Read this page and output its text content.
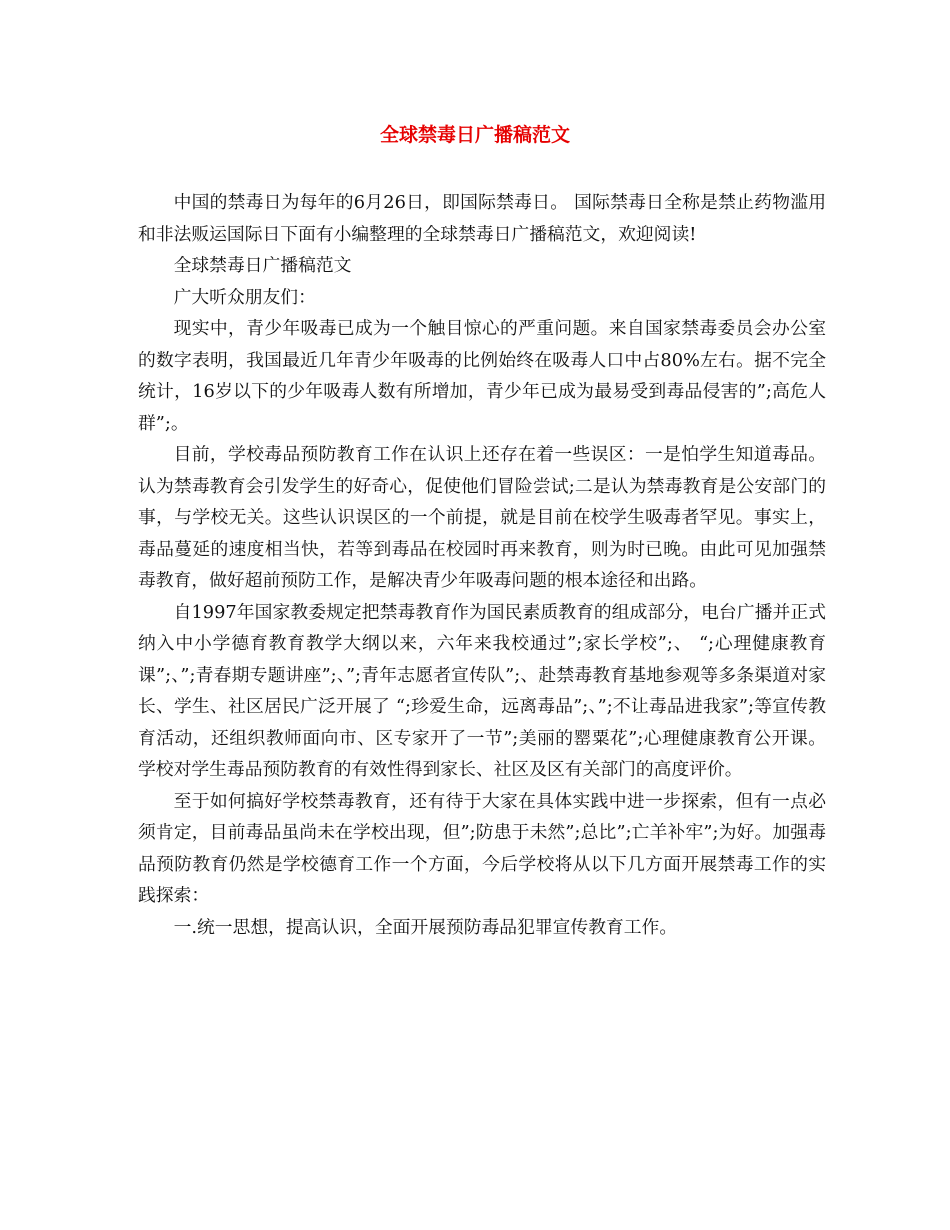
全球禁毒日广播稿范文

中国的禁毒日为每年的6月26日，即国际禁毒日。 国际禁毒日全称是禁止药物滥用和非法贩运国际日下面有小编整理的全球禁毒日广播稿范文，欢迎阅读!

全球禁毒日广播稿范文

广大听众朋友们：

现实中，青少年吸毒已成为一个触目惊心的严重问题。来自国家禁毒委员会办公室的数字表明，我国最近几年青少年吸毒的比例始终在吸毒人口中占80%左右。据不完全统计，16岁以下的少年吸毒人数有所增加，青少年已成为最易受到毒品侵害的”;高危人群”;。

目前，学校毒品预防教育工作在认识上还存在着一些误区：一是怕学生知道毒品。认为禁毒教育会引发学生的好奇心，促使他们冒险尝试;二是认为禁毒教育是公安部门的事，与学校无关。这些认识误区的一个前提，就是目前在校学生吸毒者罕见。事实上，毒品蔓延的速度相当快，若等到毒品在校园时再来教育，则为时已晚。由此可见加强禁毒教育，做好超前预防工作，是解决青少年吸毒问题的根本途径和出路。

自1997年国家教委规定把禁毒教育作为国民素质教育的组成部分，电台广播并正式纳入中小学德育教育教学大纲以来，六年来我校通过”;家长学校”;、 “;心理健康教育课”;、”;青春期专题讲座”;、”;青年志愿者宣传队”;、赴禁毒教育基地参观等多条渠道对家长、学生、社区居民广泛开展了 “;珍爱生命，远离毒品”;、”;不让毒品进我家”;等宣传教育活动，还组织教师面向市、区专家开了一节”;美丽的罂粟花”;心理健康教育公开课。学校对学生毒品预防教育的有效性得到家长、社区及区有关部门的高度评价。

至于如何搞好学校禁毒教育，还有待于大家在具体实践中进一步探索，但有一点必须肯定，目前毒品虽尚未在学校出现，但”;防患于未然”;总比”;亡羊补牢”;为好。加强毒品预防教育仍然是学校德育工作一个方面，今后学校将从以下几方面开展禁毒工作的实践探索：

一.统一思想，提高认识，全面开展预防毒品犯罪宣传教育工作。
